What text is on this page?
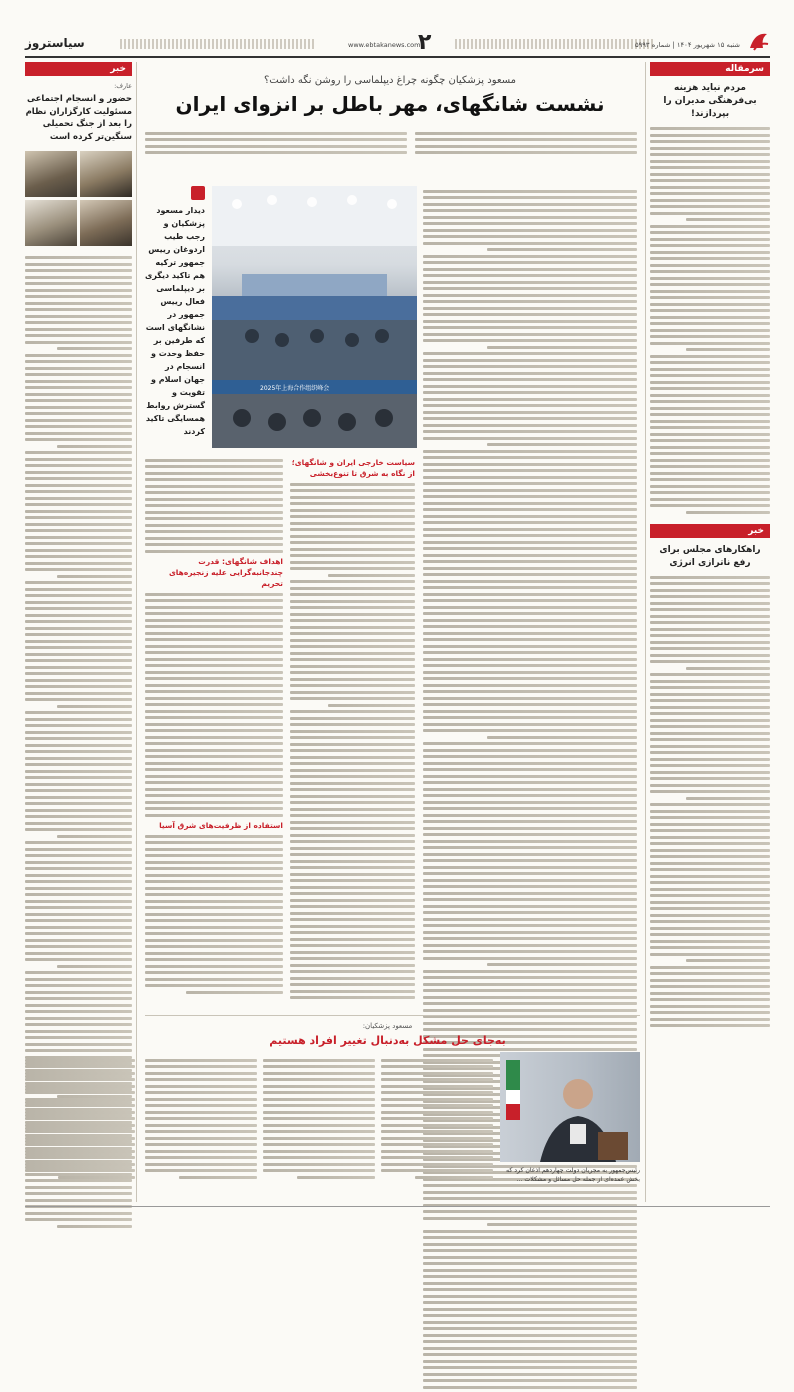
سیاستروز	www.ebtakanews.com
۲	شنبه ۱۵ شهریور ۱۴۰۴ | شماره ۵۹۹۳
خبر
عارف:
حضور و انسجام اجتماعی مسئولیت کارگزاران نظام را بعد از جنگ تحمیلی سنگین‌تر کرده است
مسعود پزشکیان چگونه چراغ دیپلماسی را روشن نگه داشت؟
نشست شانگهای، مهر باطل بر انزوای ایران
دیدار مسعود پزشکیان و رجب طیب اردوغان رییس جمهور ترکیه هم تاکید دیگری بر دیپلماسی فعال رییس جمهور در نشانگهای است که طرفین بر حفظ وحدت و انسجام در جهان اسلام و تقویت و گسترش روابط همسایگی تاکید کردند
2025年上海合作组织峰会
سیاست خارجی ایران و شانگهای؛ از نگاه به شرق تا تنوع‌بخشی
اهداف شانگهای: قدرت چندجانبه‌گرایی علیه زنجیره‌های تحریم
استفاده از ظرفیت‌های شرق آسیا
مسعود پزشکیان:
به‌جای حل مشکل به‌دنبال تغییر افراد هستیم
رئیس‌جمهور به‌ مجریان دولت چهاردهم اذعان کرد که بخش عمده‌ای از جمله حل مسائل و مشکلات ...
سرمقاله
مردم نباید هزینه بی‌فرهنگی مدیران را بپردازند!
خبر
راهکارهای مجلس برای رفع ناترازی انرژی
